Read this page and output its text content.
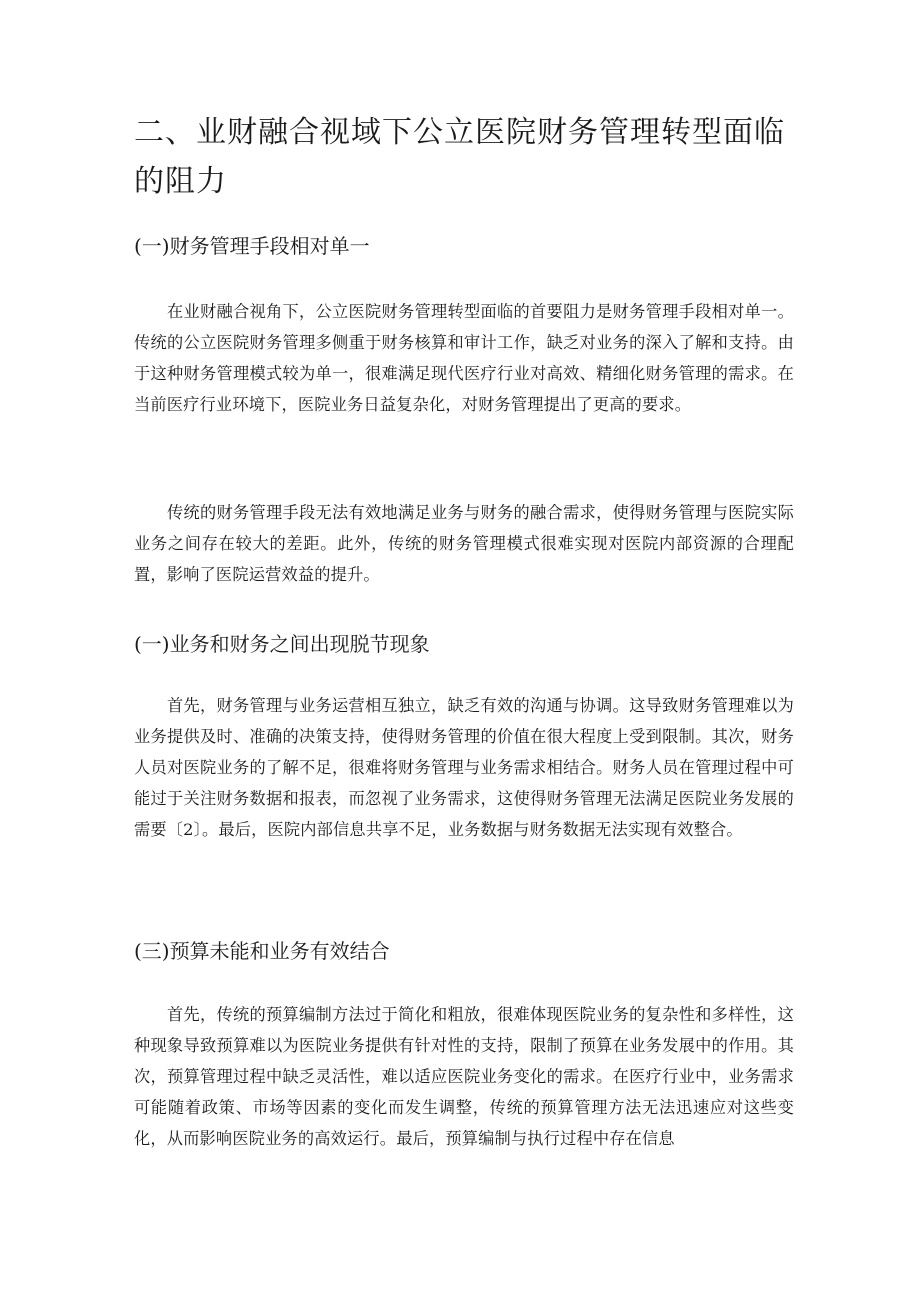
二、业财融合视域下公立医院财务管理转型面临的阻力
(一)财务管理手段相对单一

在业财融合视角下，公立医院财务管理转型面临的首要阻力是财务管理手段相对单一。传统的公立医院财务管理多侧重于财务核算和审计工作，缺乏对业务的深入了解和支持。由于这种财务管理模式较为单一，很难满足现代医疗行业对高效、精细化财务管理的需求。在当前医疗行业环境下，医院业务日益复杂化，对财务管理提出了更高的要求。

传统的财务管理手段无法有效地满足业务与财务的融合需求，使得财务管理与医院实际业务之间存在较大的差距。此外，传统的财务管理模式很难实现对医院内部资源的合理配置，影响了医院运营效益的提升。

(一)业务和财务之间出现脱节现象

首先，财务管理与业务运营相互独立，缺乏有效的沟通与协调。这导致财务管理难以为业务提供及时、准确的决策支持，使得财务管理的价值在很大程度上受到限制。其次，财务人员对医院业务的了解不足，很难将财务管理与业务需求相结合。财务人员在管理过程中可能过于关注财务数据和报表，而忽视了业务需求，这使得财务管理无法满足医院业务发展的需要〔2〕。最后，医院内部信息共享不足，业务数据与财务数据无法实现有效整合。

(三)预算未能和业务有效结合

首先，传统的预算编制方法过于简化和粗放，很难体现医院业务的复杂性和多样性，这种现象导致预算难以为医院业务提供有针对性的支持，限制了预算在业务发展中的作用。其次，预算管理过程中缺乏灵活性，难以适应医院业务变化的需求。在医疗行业中，业务需求可能随着政策、市场等因素的变化而发生调整，传统的预算管理方法无法迅速应对这些变化，从而影响医院业务的高效运行。最后，预算编制与执行过程中存在信息
